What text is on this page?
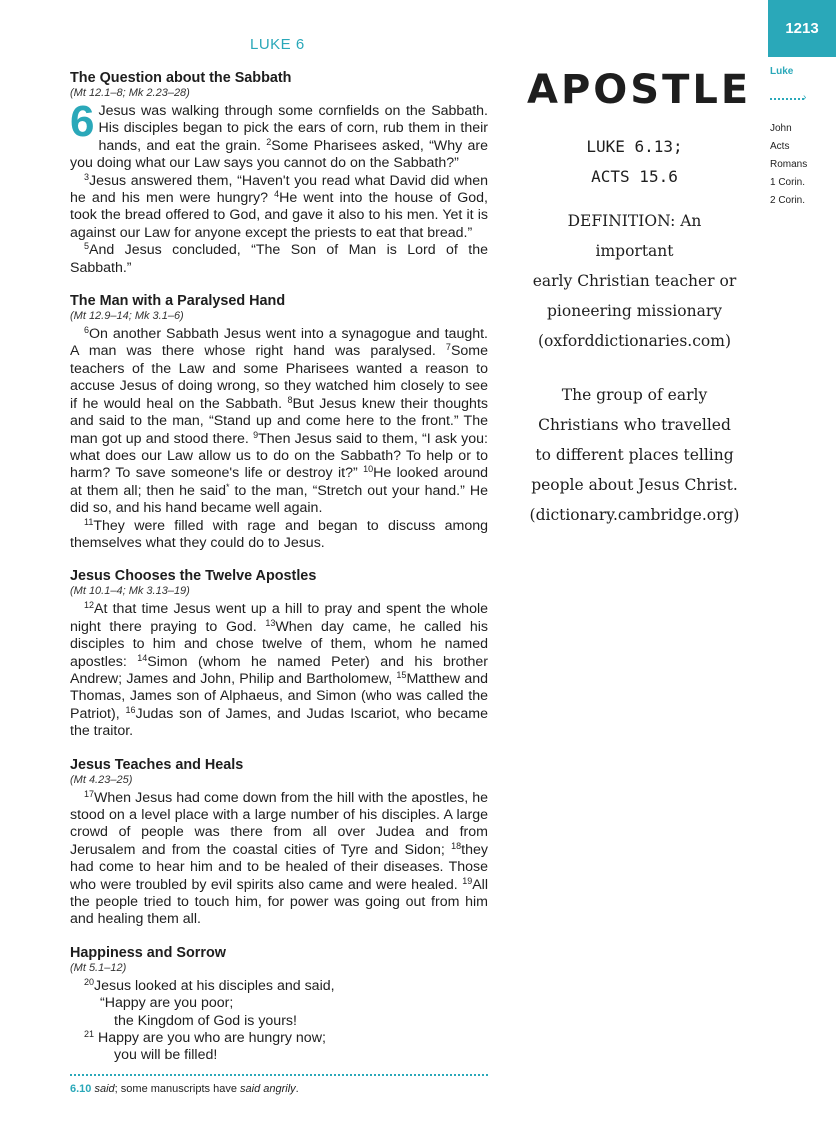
LUKE 6
1213
Luke
›
John
Acts
Romans
1 Corin.
2 Corin.
The Question about the Sabbath
(Mt 12.1–8; Mk 2.23–28)

6 Jesus was walking through some cornfields on the Sabbath. His disciples began to pick the ears of corn, rub them in their hands, and eat the grain. $^2$Some Pharisees asked, “Why are you doing what our Law says you cannot do on the Sabbath?”

$^3$Jesus answered them, “Haven't you read what David did when he and his men were hungry? $^4$He went into the house of God, took the bread offered to God, and gave it also to his men. Yet it is against our Law for anyone except the priests to eat that bread.”

$^5$And Jesus concluded, “The Son of Man is Lord of the Sabbath.”

The Man with a Paralysed Hand
(Mt 12.9–14; Mk 3.1–6)

$^6$On another Sabbath Jesus went into a synagogue and taught. A man was there whose right hand was paralysed. $^7$Some teachers of the Law and some Pharisees wanted a reason to accuse Jesus of doing wrong, so they watched him closely to see if he would heal on the Sabbath. $^8$But Jesus knew their thoughts and said to the man, “Stand up and come here to the front.” The man got up and stood there. $^9$Then Jesus said to them, “I ask you: what does our Law allow us to do on the Sabbath? To help or to harm? To save someone's life or destroy it?” $^{10}$He looked around at them all; then he said* to the man, “Stretch out your hand.” He did so, and his hand became well again.

$^{11}$They were filled with rage and began to discuss among themselves what they could do to Jesus.

Jesus Chooses the Twelve Apostles
(Mt 10.1–4; Mk 3.13–19)

$^{12}$At that time Jesus went up a hill to pray and spent the whole night there praying to God. $^{13}$When day came, he called his disciples to him and chose twelve of them, whom he named apostles: $^{14}$Simon (whom he named Peter) and his brother Andrew; James and John, Philip and Bartholomew, $^{15}$Matthew and Thomas, James son of Alphaeus, and Simon (who was called the Patriot), $^{16}$Judas son of James, and Judas Iscariot, who became the traitor.

Jesus Teaches and Heals
(Mt 4.23–25)

$^{17}$When Jesus had come down from the hill with the apostles, he stood on a level place with a large number of his disciples. A large crowd of people was there from all over Judea and from Jerusalem and from the coastal cities of Tyre and Sidon; $^{18}$they had come to hear him and to be healed of their diseases. Those who were troubled by evil spirits also came and were healed. $^{19}$All the people tried to touch him, for power was going out from him and healing them all.

Happiness and Sorrow
(Mt 5.1–12)

$^{20}$Jesus looked at his disciples and said,

“Happy are you poor;

the Kingdom of God is yours!

$^{21}$ Happy are you who are hungry now;

you will be filled!

6.10 said; some manuscripts have said angrily.
APOSTLE
LUKE 6.13;
ACTS 15.6
DEFINITION: An important
early Christian teacher or
pioneering missionary
(oxforddictionaries.com)
The group of early
Christians who travelled
to different places telling
people about Jesus Christ.
(dictionary.cambridge.org)
